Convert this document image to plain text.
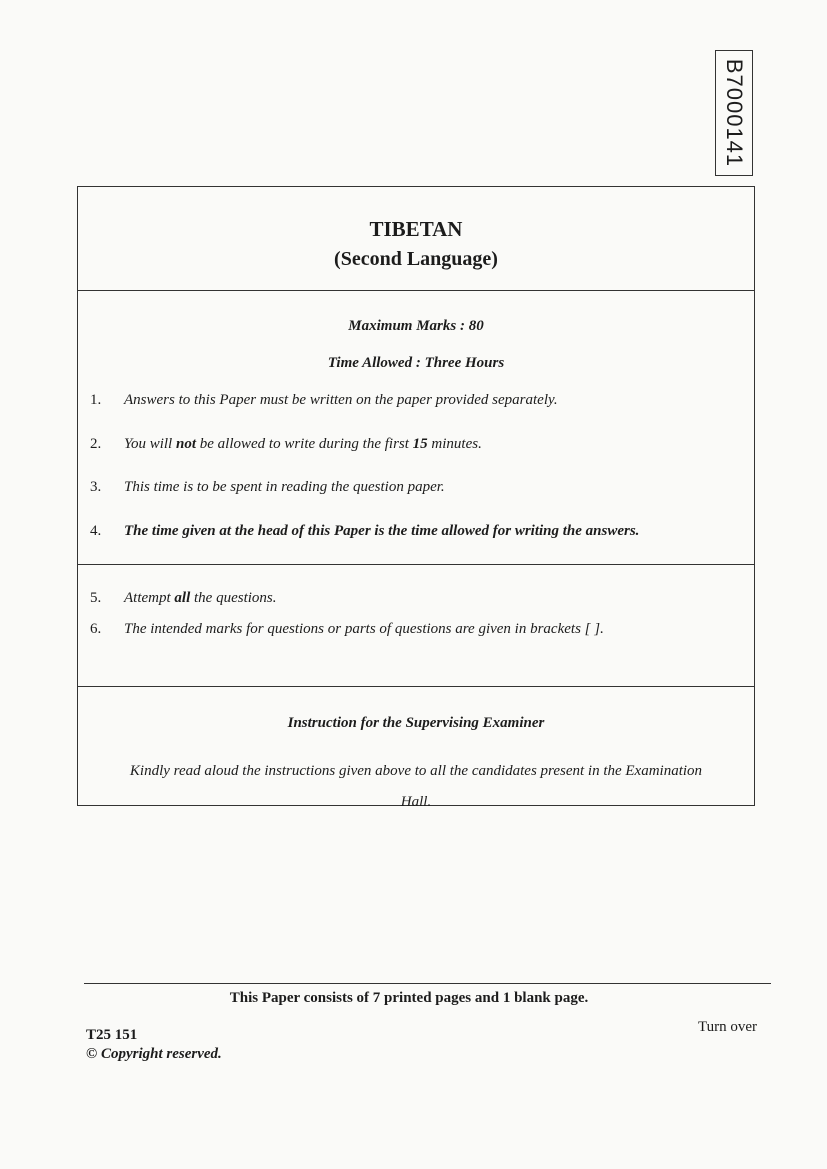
B7000141

TIBETAN

(Second Language)

Maximum Marks : 80
Time Allowed : Three Hours
1.	Answers to this Paper must be written on the paper provided separately.
2.	You will not be allowed to write during the first 15 minutes.
3.	This time is to be spent in reading the question paper.
4.	The time given at the head of this Paper is the time allowed for writing the answers.
5.	Attempt all the questions.
6.	The intended marks for questions or parts of questions are given in brackets [ ].

Instruction for the Supervising Examiner

Kindly read aloud the instructions given above to all the candidates present in the Examination Hall.

This Paper consists of 7 printed pages and 1 blank page.
T25 151	Turn over
© Copyright reserved.
